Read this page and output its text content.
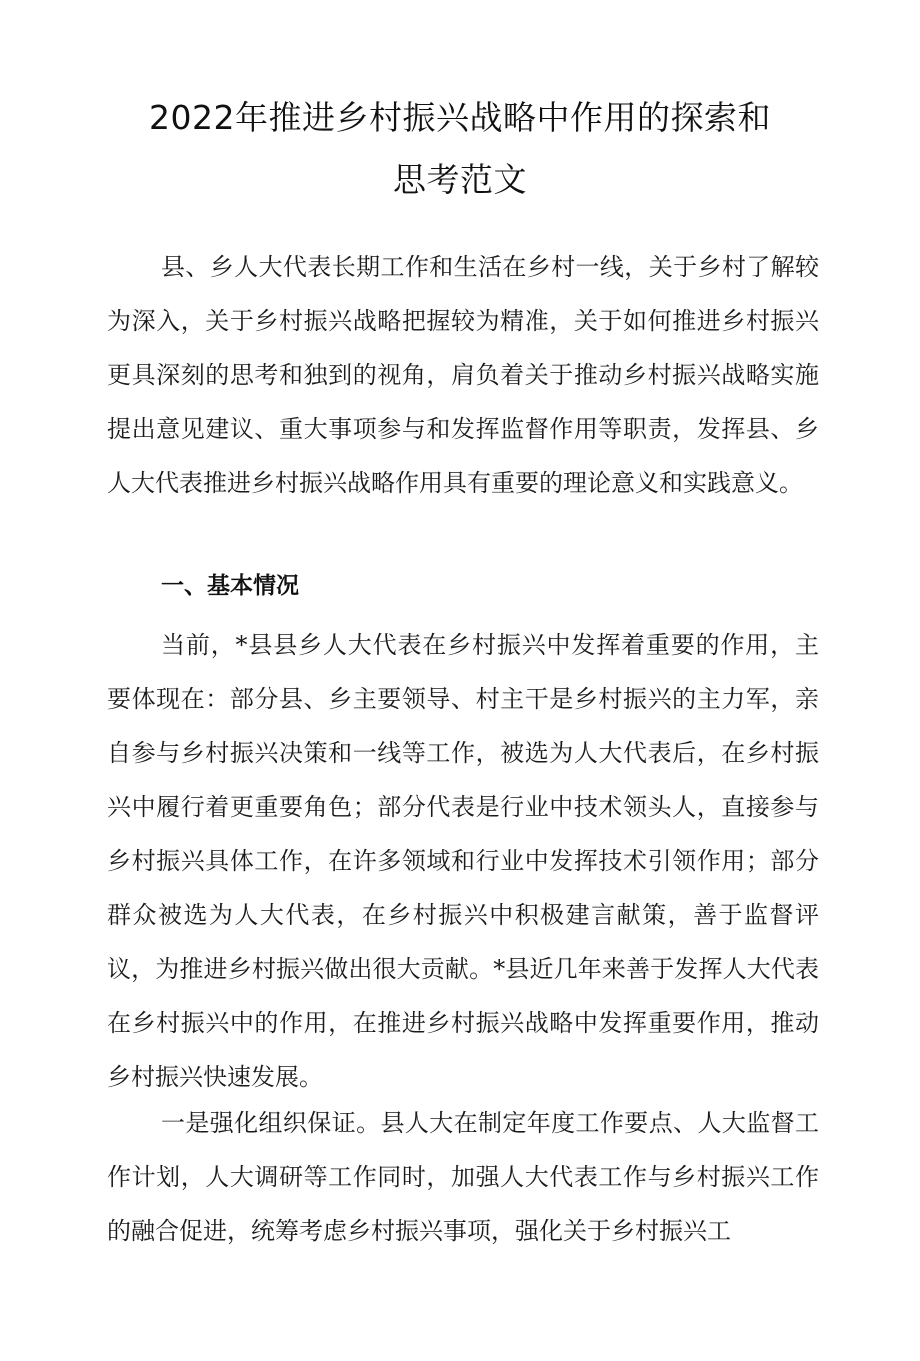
2022年推进乡村振兴战略中作用的探索和
思考范文

县、乡人大代表长期工作和生活在乡村一线，关于乡村了解较为深入，关于乡村振兴战略把握较为精准，关于如何推进乡村振兴更具深刻的思考和独到的视角，肩负着关于推动乡村振兴战略实施提出意见建议、重大事项参与和发挥监督作用等职责，发挥县、乡人大代表推进乡村振兴战略作用具有重要的理论意义和实践意义。

一、基本情况

当前，*县县乡人大代表在乡村振兴中发挥着重要的作用，主要体现在：部分县、乡主要领导、村主干是乡村振兴的主力军，亲自参与乡村振兴决策和一线等工作，被选为人大代表后，在乡村振兴中履行着更重要角色；部分代表是行业中技术领头人，直接参与乡村振兴具体工作，在许多领域和行业中发挥技术引领作用；部分群众被选为人大代表，在乡村振兴中积极建言献策，善于监督评议，为推进乡村振兴做出很大贡献。*县近几年来善于发挥人大代表在乡村振兴中的作用，在推进乡村振兴战略中发挥重要作用，推动乡村振兴快速发展。

一是强化组织保证。县人大在制定年度工作要点、人大监督工作计划，人大调研等工作同时，加强人大代表工作与乡村振兴工作的融合促进，统筹考虑乡村振兴事项，强化关于乡村振兴工
